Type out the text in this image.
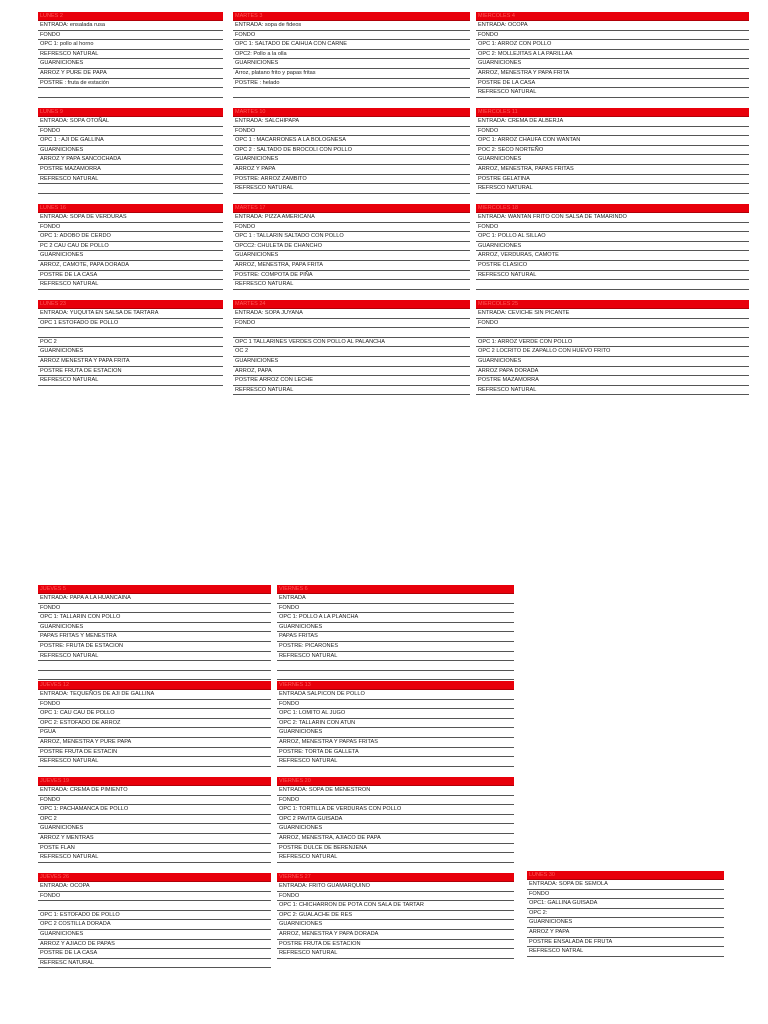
LUNES 2
ENTRADA: ensalada rusa
FONDO
OPC 1: pollo al horno
REFRESCO NATURAL
GUARNICIONES
ARROZ Y PURE DE PAPA
POSTRE : fruta de estación
MARTES 3
ENTRADA: sopa de fideos
FONDO
OPC 1: SALTADO DE CAIHUA CON CARNE
OPC2: Pollo a la olla
GUARNICIONES
Arroz, platano frito y papas fritas
POSTRE : helado
MIERCOLES 4
ENTRADA: OCOPA
FONDO
OPC 1: ARROZ CON POLLO
OPC 2: MOLLEJITAS A LA PARILLAA
GUARNICIONES
ARROZ, MENESTRA Y PAPA FRITA
POSTRE DE LA CASA
REFRESCO NATURAL
LUNES 9
ENTRADA: SOPA OTOÑAL
FONDO
OPC 1 : AJI DE GALLINA
GUARNICIONES
ARROZ Y PAPA SANCOCHADA
POSTRE MAZAMORRA
REFRESCO NATURAL
MARTES 10
ENTRADA: SALCHIPAPA
FONDO
OPC 1 : MACARRONES A LA BOLOGNESA
OPC 2 : SALTADO DE BROCOLI CON POLLO
GUARNICIONES
ARROZ Y PAPA
POSTRE: ARROZ ZAMBITO
REFRESCO NATURAL
MIERCOLES 11
ENTRADA: CREMA DE ALBERJA
FONDO
OPC 1: ARROZ CHAUFA CON WANTAN
POC 2: SECO NORTEÑO
GUARNICIONES
ARROZ, MENESTRA, PAPAS FRITAS
POSTRE GELATINA
REFRSCO NATURAL
LUNES 16
ENTRADA: SOPA DE VERDURAS
FONDO
OPC 1: ADOBO DE CERDO
PC 2 CAU CAU DE POLLO
GUARNICIONES
ARROZ, CAMOTE, PAPA DORADA
POSTRE DE LA CASA
REFRESCO NATURAL
MARTES 17
ENTRADA: PIZZA AMERICANA
FONDO
OPC 1 : TALLARIN SALTADO CON POLLO
OPCC2: CHULETA DE CHANCHO
GUARNICIONES
ARROZ, MENESTRA, PAPA FRITA
POSTRE: COMPOTA DE PIÑA
REFRESCO NATURAL
MIERCOLES 18
ENTRADA: WANTAN FRITO CON SALSA DE TAMARINDO
FONDO
OPC 1: POLLO AL SILLAO
GUARNICIONES
ARROZ, VERDURAS, CAMOTE
POSTRE CLASICO
REFRESCO NATURAL
LUNES 23
ENTRADA: YUQUITA EN SALSA DE TARTARA
OPC 1 ESTOFADO DE POLLO
POC 2
GUARNICIONES
ARROZ MENESTRA Y PAPA FRITA
POSTRE FRUTA DE ESTACION
REFRESCO NATURAL
MARTES 24
ENTRADA: SOPA JUYANA
FONDO
OPC 1 TALLARINES VERDES CON POLLO AL PALANCHA
OC 2
GUARNICIONES
ARROZ, PAPA
POSTRE ARROZ CON LECHE
REFRESCO NATURAL
MIERCOLES 25
ENTRADA: CEVICHE SIN PICANTE
FONDO
OPC 1: ARROZ VERDE CON POLLO
OPC 2 LOCRITO DE ZAPALLO CON HUEVO FRITO
GUARNICIONES
ARROZ PAPA DORADA
POSTRE MAZAMORRA
REFRESCO NATURAL
JUEVES 5
ENTRADA: PAPA A LA HUANCAINA
FONDO
OPC 1: TALLARIN CON POLLO
GUARNICIONES
PAPAS FRITAS Y MENESTRA
POSTRE: FRUTA DE ESTACION
REFRESCO NATURAL
VIERNES 6
ENTRADA
FONDO
OPC 1: POLLO A LA PLANCHA
GUARNICIONES
PAPAS FRITAS
POSTRE: PICARONES
REFRESCO NATURAL
JUEVES 12
ENTRADA: TEQUEÑOS DE AJI DE GALLINA
FONDO
OPC 1: CAU CAU DE POLLO
OPC 2: ESTOFADO DE ARROZ
PGUA
ARROZ, MENESTRA Y PURE PAPA
POSTRE FRUTA DE ESTACIN
REFRESCO NATURAL
VIERNES 13
ENTRADA SALPICON DE POLLO
FONDO
OPC 1: LOMITO AL JUGO
OPC 2: TALLARIN CON ATUN
GUARNICIONES
ARROZ, MENESTRA Y PAPAS FRITAS
POSTRE: TORTA DE GALLETA
REFRESCO NATURAL
JUEVES 19
ENTRADA: CREMA DE PIMIENTO
FONDO
OPC 1: PACHAMANCA DE POLLO
OPC 2
GUARNICIONES
ARROZ Y MENTRAS
POSTE FLAN
REFRESCO NATURAL
VIERNES 20
ENTRADA: SOPA DE MENESTRON
FONDO
OPC 1: TORTILLA DE VERDURAS CON POLLO
OPC 2 PAVITA GUISADA
GUARNICIONES
ARROZ, MENESTRA, AJIACO DE PAPA
POSTRE DULCE DE BERENJENA
REFRESCO NATURAL
JUEVES 26
ENTRADA: OCOPA
FONDO
OPC 1: ESTOFADO DE POLLO
OPC 2 COSTILLA DORADA
GUARNICIONES
ARROZ Y AJIACO DE PAPAS
POSTRE DE LA CASA
REFRESC NATURAL
VIERNES 27
ENTRADA: FRITO GUAMARQUINO
FONDO
OPC 1: CHICHARRON DE POTA CON SALA DE TARTAR
OPC 2: GUALACHE DE RES
GUARNICIONES
ARROZ, MENESTRA Y PAPA DORADA
POSTRE FRUTA DE ESTACION
REFRESCO NATURAL
LUNES 30
ENTRADA: SOPA DE SEMOLA
FONDO
OPC1: GALLINA GUISADA
OPC 2:
GUARNICIONES
ARROZ Y PAPA
POSTRE ENSALADA DE FRUTA
REFRESCO NATRAL
